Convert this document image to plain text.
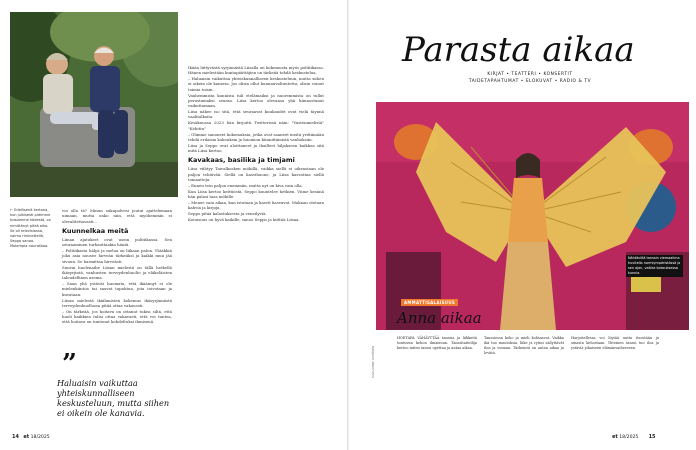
← Edellisenä kertana, kun julkisesti pidimme toisiamme kädestä, on nimittänyt pitkä aika. Se oli televisiossa, vaimo riminettellä, Seppo sanoo. Molempia nauratbaa.

voi olla tä? Minun sukupolvesi joutui ajattelemaan uimaan, mutta onko niin, että myöhemmin ei olevalitettavasti...

Kuunnelkaa meitä

Liinan ajatukset ovat usein politiikassa. Sen seuraaminen turhauttaakin häntä.

– Politiikasta hälyä ja melua on liikaan palon. Yhtäkkiä joku asia nousee hirveän tärkeäksi ja kaikki muu jää sivuun. Se harmittaa hirveästi.

Suurin huolenaihe Liisan mielestä on tällä hetkellä ikäsyrjintä, vanhusten terveydenhuolto ja eläkeläisten taloudellinen asema.

– Saan yhä ystävät huomata, että ikäännyt ei ole mielenkiintoa tai saavat tapahtua, jota toivotaan ja kuvataan.

Liisan mielestä ikäihmisten kokemus ikäsyrjinnästä terveydenhuollossa pitää ottaa vakavasti.

– On tärkeää, jos hoitava on ottanut tukea siltä, että huoli kaikkien tulisi ottaa vakavasti, että voi tuntea, että hoitava on tuntenut kohdeltuksi ihmisenä.

”
Haluaisin vaikuttaa yhteiskunnalliseen keskusteluun, mutta siihen ei oikein ole kanavia.

Ikään liittyvästä syrjinnästä Liisalla on kokemusta myös politiikassa. Hänen mielestään kuntapäättäjien on tärkeää tehdä keskustelua.

– Haluaisin vaikuttaa yhteiskunnalliseen keskusteluun, mutta siihen ei oikein ole kanavia. Jos olisin ollut kunnanvaltuutettu, olisin voinut toimia toisin.

Vanhemmista kunnista tuli etelämaiksi ja nuoremmista on tullut perustamaksi seuraa. Liisa kertoo olevansa yhä kiinnostunut vaikuttamaan.

Liisa näkee iso sitä, että seuraavat kuukaudet ovat vielä täynnä vaalitalkoita.

Kesäkuussa 2023 hän kirjoitti Twitterissä näin: "Vastenmielistä" "Kehitin"

– Olimme sanoneet kokemuksia, jotka ovat saaneet meitä yrittämään tehdä erilaisia kokouksia ja huomion kiinnittämistä vanhuksiin.

Liisa ja Seppo ovat aloittaneet ja ihailleet hiljakseen kaikkea sitä mitä Liisa kertoo.

Kavakaas, basilika ja timjami

Liisa viihtyy Taivalkosken mökillä, vaikka siellä ei oikeastaan ole paljon tehtävää. Siellä on kasvihuone, ja Liisa kasvattaa siellä tomaatteja.

– Ennen tein paljon enemmän, mutta nyt on kiva vain olla.

Kun Liisa kertoo keittiöstä, Seppo kuuntelee hetkien. Viime kesänä hän palasi taas mökille.

– Menee vain aikaa, kun istutaan ja kasvit kasvavat. Mukaan otetaan kahvia ja kirjoja.

Seppo pitää kalastuksesta ja veneilystä.

Kotoisuus on hyvä kaikille, sanoo Seppo ja kiittää Liisaa.

14 et 18/2025
Parasta aikaa
KIRJAT • TEATTERI • KONSERTIT
TAIDETAPAHTUMAT • ELOKUVAT • RADIO & TV
Nähtäviltä tanssin viemaailma huvitella normiympäristössä ja sen ajan, vaikka kokouksessa kunnia.
KUVA JANNE LEPPÄNEN
AMMATTISALAISUUS
Anna aikaa

HOETAPA VÄHÄYTTÄÄ tanssia ja liikkeitä tuntuvan kehon ilmaisuun. Tanssitaiteilija kertoo miten tanssi opettaa ja antaa aikaa.

Tanssiessa keho ja mieli kohtaavat. Vaikka ikä tuo muutoksia, liike ja rytmi säilyttävät ilon ja voiman. Tärkeintä on antaa aikaa ja levätä.

Harjoitellessa voi löytää uutta itsestään ja omasta kehostaan. Yhteinen tanssi tuo iloa ja ystäviä jokaiseen elämänvaiheeseen.

et 18/2025 15
